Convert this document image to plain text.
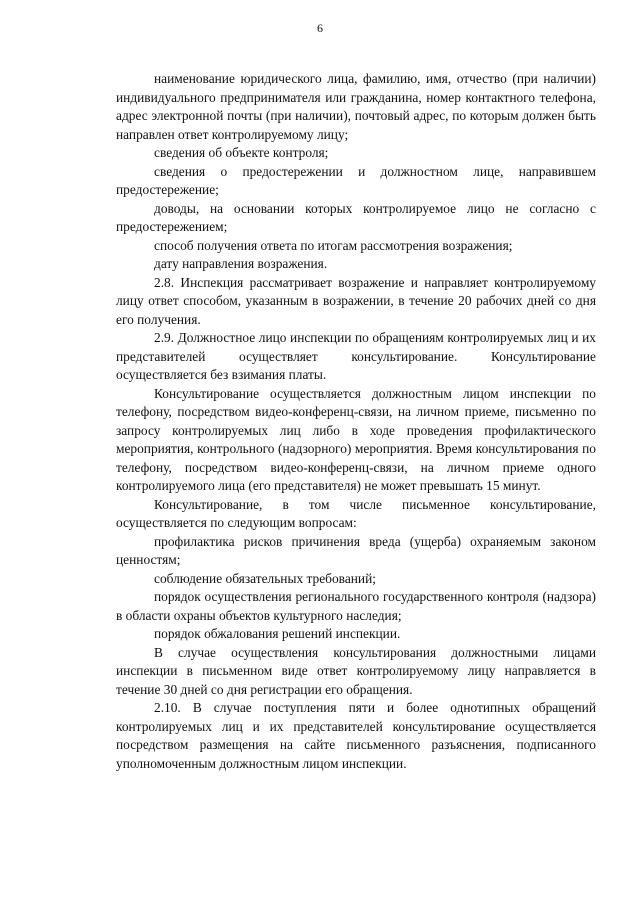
6

наименование юридического лица, фамилию, имя, отчество (при наличии) индивидуального предпринимателя или гражданина, номер контактного телефона, адрес электронной почты (при наличии), почтовый адрес, по которым должен быть направлен ответ контролируемому лицу;

сведения об объекте контроля;

сведения о предостережении и должностном лице, направившем предостережение;

доводы, на основании которых контролируемое лицо не согласно с предостережением;

способ получения ответа по итогам рассмотрения возражения;

дату направления возражения.

2.8. Инспекция рассматривает возражение и направляет контролируемому лицу ответ способом, указанным в возражении, в течение 20 рабочих дней со дня его получения.

2.9. Должностное лицо инспекции по обращениям контролируемых лиц и их представителей осуществляет консультирование. Консультирование осуществляется без взимания платы.

Консультирование осуществляется должностным лицом инспекции по телефону, посредством видео-конференц-связи, на личном приеме, письменно по запросу контролируемых лиц либо в ходе проведения профилактического мероприятия, контрольного (надзорного) мероприятия. Время консультирования по телефону, посредством видео-конференц-связи, на личном приеме одного контролируемого лица (его представителя) не может превышать 15 минут.

Консультирование, в том числе письменное консультирование, осуществляется по следующим вопросам:

профилактика рисков причинения вреда (ущерба) охраняемым законом ценностям;

соблюдение обязательных требований;

порядок осуществления регионального государственного контроля (надзора) в области охраны объектов культурного наследия;

порядок обжалования решений инспекции.

В случае осуществления консультирования должностными лицами инспекции в письменном виде ответ контролируемому лицу направляется в течение 30 дней со дня регистрации его обращения.

2.10. В случае поступления пяти и более однотипных обращений контролируемых лиц и их представителей консультирование осуществляется посредством размещения на сайте письменного разъяснения, подписанного уполномоченным должностным лицом инспекции.
